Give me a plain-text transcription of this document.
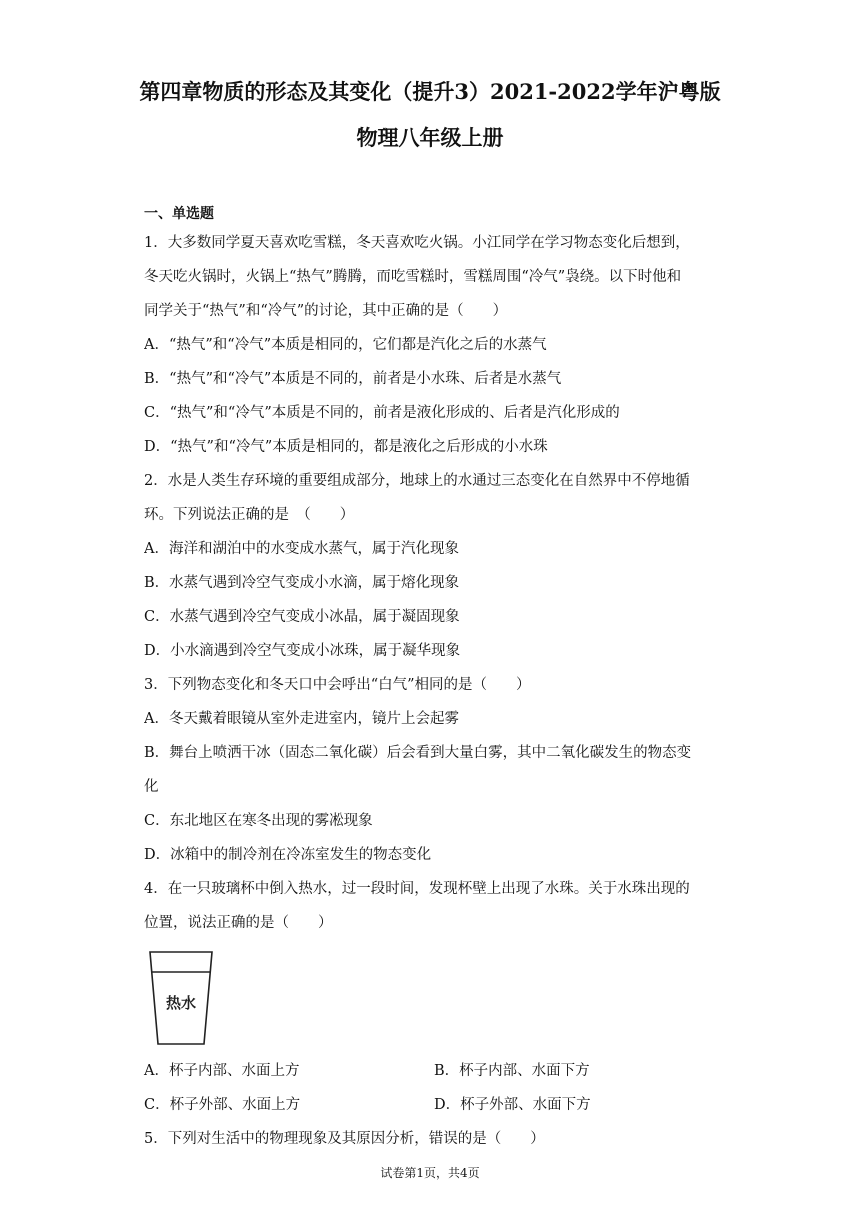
第四章物质的形态及其变化（提升3）2021-2022学年沪粤版
物理八年级上册
一、单选题
1．大多数同学夏天喜欢吃雪糕，冬天喜欢吃火锅。小江同学在学习物态变化后想到，
冬天吃火锅时，火锅上“热气”腾腾，而吃雪糕时，雪糕周围“冷气”袅绕。以下时他和
同学关于“热气”和“冷气”的讨论，其中正确的是（　　）
A．“热气”和“冷气”本质是相同的，它们都是汽化之后的水蒸气
B．“热气”和“冷气”本质是不同的，前者是小水珠、后者是水蒸气
C．“热气”和“冷气”本质是不同的，前者是液化形成的、后者是汽化形成的
D．“热气”和“冷气”本质是相同的，都是液化之后形成的小水珠
2．水是人类生存环境的重要组成部分，地球上的水通过三态变化在自然界中不停地循
环。下列说法正确的是　（　　）
A．海洋和湖泊中的水变成水蒸气，属于汽化现象
B．水蒸气遇到冷空气变成小水滴，属于熔化现象
C．水蒸气遇到冷空气变成小冰晶，属于凝固现象
D．小水滴遇到冷空气变成小冰珠，属于凝华现象
3．下列物态变化和冬天口中会呼出“白气”相同的是（　　）
A．冬天戴着眼镜从室外走进室内，镜片上会起雾
B．舞台上喷洒干冰（固态二氧化碳）后会看到大量白雾，其中二氧化碳发生的物态变
化
C．东北地区在寒冬出现的雾凇现象
D．冰箱中的制冷剂在冷冻室发生的物态变化
4．在一只玻璃杯中倒入热水，过一段时间，发现杯壁上出现了水珠。关于水珠出现的
位置，说法正确的是（　　）
热水
A．杯子内部、水面上方	B．杯子内部、水面下方
C．杯子外部、水面上方	D．杯子外部、水面下方
5．下列对生活中的物理现象及其原因分析，错误的是（　　）
试卷第1页，共4页
